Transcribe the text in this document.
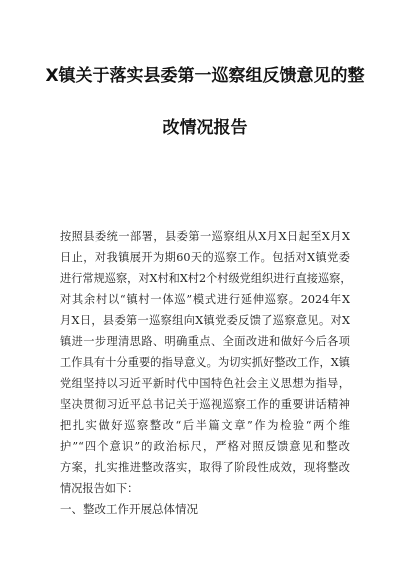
X镇关于落实县委第一巡察组反馈意见的整
改情况报告
按照县委统一部署，县委第一巡察组从X月X日起至X月X
日止，对我镇展开为期60天的巡察工作。包括对X镇党委
进行常规巡察，对X村和X村2个村级党组织进行直接巡察，
对其余村以“镇村一体巡”模式进行延伸巡察。2024年X
月X日，县委第一巡察组向X镇党委反馈了巡察意见。对X
镇进一步理清思路、明确重点、全面改进和做好今后各项
工作具有十分重要的指导意义。为切实抓好整改工作，X镇
党组坚持以习近平新时代中国特色社会主义思想为指导，
坚决贯彻习近平总书记关于巡视巡察工作的重要讲话精神
把扎实做好巡察整改“后半篇文章”作为检验“两个维
护”“四个意识”的政治标尺，严格对照反馈意见和整改
方案，扎实推进整改落实，取得了阶段性成效，现将整改
情况报告如下：
一、整改工作开展总体情况
